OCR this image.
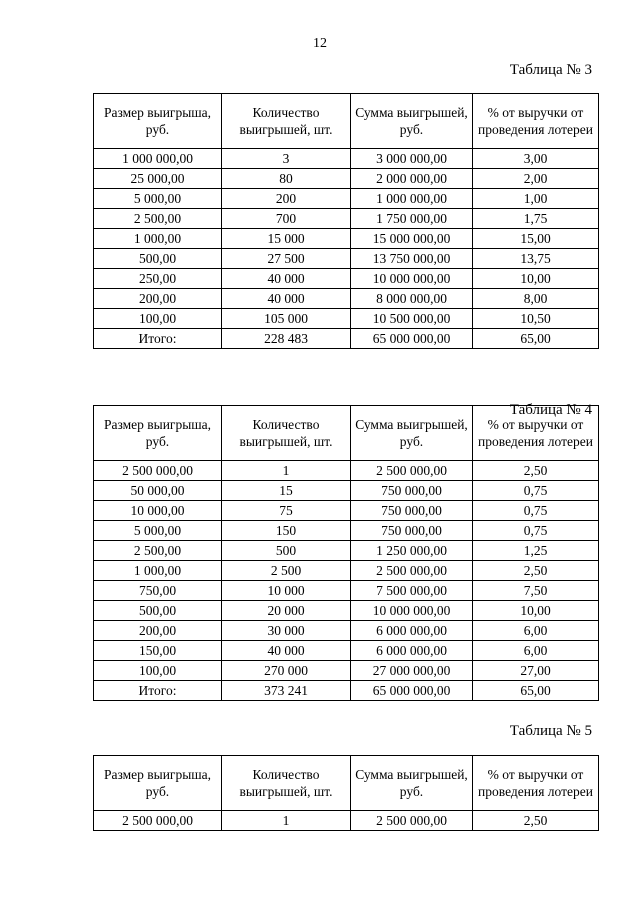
12
Таблица № 3
Размер выигрыша, руб.	Количество выигрышей, шт.	Сумма выигрышей, руб.	% от выручки от проведения лотереи
1 000 000,00	3	3 000 000,00	3,00
25 000,00	80	2 000 000,00	2,00
5 000,00	200	1 000 000,00	1,00
2 500,00	700	1 750 000,00	1,75
1 000,00	15 000	15 000 000,00	15,00
500,00	27 500	13 750 000,00	13,75
250,00	40 000	10 000 000,00	10,00
200,00	40 000	8 000 000,00	8,00
100,00	105 000	10 500 000,00	10,50
Итого:	228 483	65 000 000,00	65,00
Таблица № 4
Размер выигрыша, руб.	Количество выигрышей, шт.	Сумма выигрышей, руб.	% от выручки от проведения лотереи
2 500 000,00	1	2 500 000,00	2,50
50 000,00	15	750 000,00	0,75
10 000,00	75	750 000,00	0,75
5 000,00	150	750 000,00	0,75
2 500,00	500	1 250 000,00	1,25
1 000,00	2 500	2 500 000,00	2,50
750,00	10 000	7 500 000,00	7,50
500,00	20 000	10 000 000,00	10,00
200,00	30 000	6 000 000,00	6,00
150,00	40 000	6 000 000,00	6,00
100,00	270 000	27 000 000,00	27,00
Итого:	373 241	65 000 000,00	65,00
Таблица № 5
Размер выигрыша, руб.	Количество выигрышей, шт.	Сумма выигрышей, руб.	% от выручки от проведения лотереи
2 500 000,00	1	2 500 000,00	2,50
